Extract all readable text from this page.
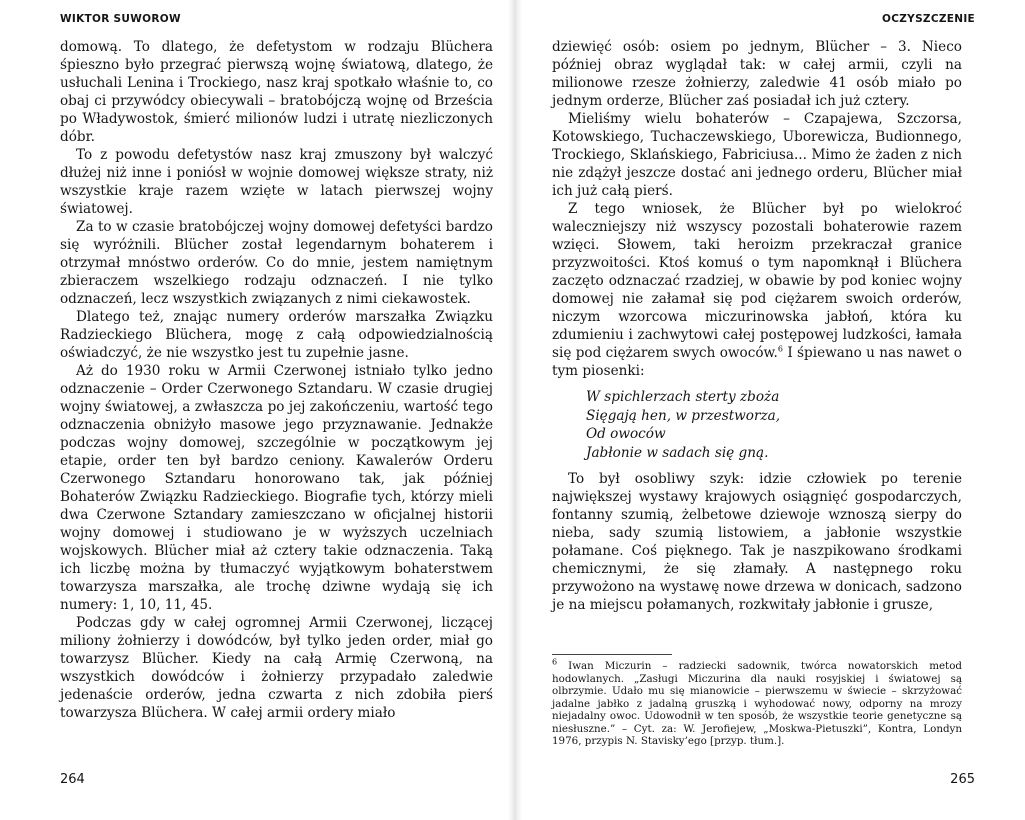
WIKTOR SUWOROW

domową. To dlatego, że defetystom w rodzaju Blüchera śpieszno było przegrać pierwszą wojnę światową, dlatego, że usłuchali Lenina i Trockiego, nasz kraj spotkało właśnie to, co obaj ci przywódcy obiecywali – bratobójczą wojnę od Brześcia po Władywostok, śmierć milionów ludzi i utratę niezliczonych dóbr.

To z powodu defetystów nasz kraj zmuszony był walczyć dłużej niż inne i poniósł w wojnie domowej większe straty, niż wszystkie kraje razem wzięte w latach pierwszej wojny światowej.

Za to w czasie bratobójczej wojny domowej defetyści bardzo się wyróżnili. Blücher został legendarnym bohaterem i otrzymał mnóstwo orderów. Co do mnie, jestem namiętnym zbieraczem wszelkiego rodzaju odznaczeń. I nie tylko odznaczeń, lecz wszystkich związanych z nimi ciekawostek.

Dlatego też, znając numery orderów marszałka Związku Radzieckiego Blüchera, mogę z całą odpowiedzialnością oświadczyć, że nie wszystko jest tu zupełnie jasne.

Aż do 1930 roku w Armii Czerwonej istniało tylko jedno odznaczenie – Order Czerwonego Sztandaru. W czasie drugiej wojny światowej, a zwłaszcza po jej zakończeniu, wartość tego odznaczenia obniżyło masowe jego przyznawanie. Jednakże podczas wojny domowej, szczególnie w początkowym jej etapie, order ten był bardzo ceniony. Kawalerów Orderu Czerwonego Sztandaru honorowano tak, jak później Bohaterów Związku Radzieckiego. Biografie tych, którzy mieli dwa Czerwone Sztandary zamieszczano w oficjalnej historii wojny domowej i studiowano je w wyższych uczelniach wojskowych. Blücher miał aż cztery takie odznaczenia. Taką ich liczbę można by tłumaczyć wyjątkowym bohaterstwem towarzysza marszałka, ale trochę dziwne wydają się ich numery: 1, 10, 11, 45.

Podczas gdy w całej ogromnej Armii Czerwonej, liczącej miliony żołnierzy i dowódców, był tylko jeden order, miał go towarzysz Blücher. Kiedy na całą Armię Czerwoną, na wszystkich dowódców i żołnierzy przypadało zaledwie jedenaście orderów, jedna czwarta z nich zdobiła pierś towarzysza Blüchera. W całej armii ordery miało

264
OCZYSZCZENIE

dziewięć osób: osiem po jednym, Blücher – 3. Nieco później obraz wyglądał tak: w całej armii, czyli na milionowe rzesze żołnierzy, zaledwie 41 osób miało po jednym orderze, Blücher zaś posiadał ich już cztery.

Mieliśmy wielu bohaterów – Czapajewa, Szczorsa, Kotowskiego, Tuchaczewskiego, Uborewicza, Budionnego, Trockiego, Sklańskiego, Fabriciusa... Mimo że żaden z nich nie zdążył jeszcze dostać ani jednego orderu, Blücher miał ich już całą pierś.

Z tego wniosek, że Blücher był po wielokroć waleczniejszy niż wszyscy pozostali bohaterowie razem wzięci. Słowem, taki heroizm przekraczał granice przyzwoitości. Ktoś komuś o tym napomknął i Blüchera zaczęto odznaczać rzadziej, w obawie by pod koniec wojny domowej nie załamał się pod ciężarem swoich orderów, niczym wzorcowa miczurinowska jabłoń, która ku zdumieniu i zachwytowi całej postępowej ludzkości, łamała się pod ciężarem swych owoców.$^6$ I śpiewano u nas nawet o tym piosenki:

W spichlerzach sterty zboża
Sięgają hen, w przestworza,
Od owoców
Jabłonie w sadach się gną.

To był osobliwy szyk: idzie człowiek po terenie największej wystawy krajowych osiągnięć gospodarczych, fontanny szumią, żelbetowe dziewoje wznoszą sierpy do nieba, sady szumią listowiem, a jabłonie wszystkie połamane. Coś pięknego. Tak je naszpikowano środkami chemicznymi, że się złamały. A następnego roku przywożono na wystawę nowe drzewa w donicach, sadzono je na miejscu połamanych, rozkwitały jabłonie i grusze,

$^6$ Iwan Miczurin – radziecki sadownik, twórca nowatorskich metod hodowlanych. „Zasługi Miczurina dla nauki rosyjskiej i światowej są olbrzymie. Udało mu się mianowicie – pierwszemu w świecie – skrzyżować jadalne jabłko z jadalną gruszką i wyhodować nowy, odporny na mrozy niejadalny owoc. Udowodnił w ten sposób, że wszystkie teorie genetyczne są niesłuszne.” – Cyt. za: W. Jerofiejew, „Moskwa-Pietuszki”, Kontra, Londyn 1976, przypis N. Stavisky’ego [przyp. tłum.].

265
